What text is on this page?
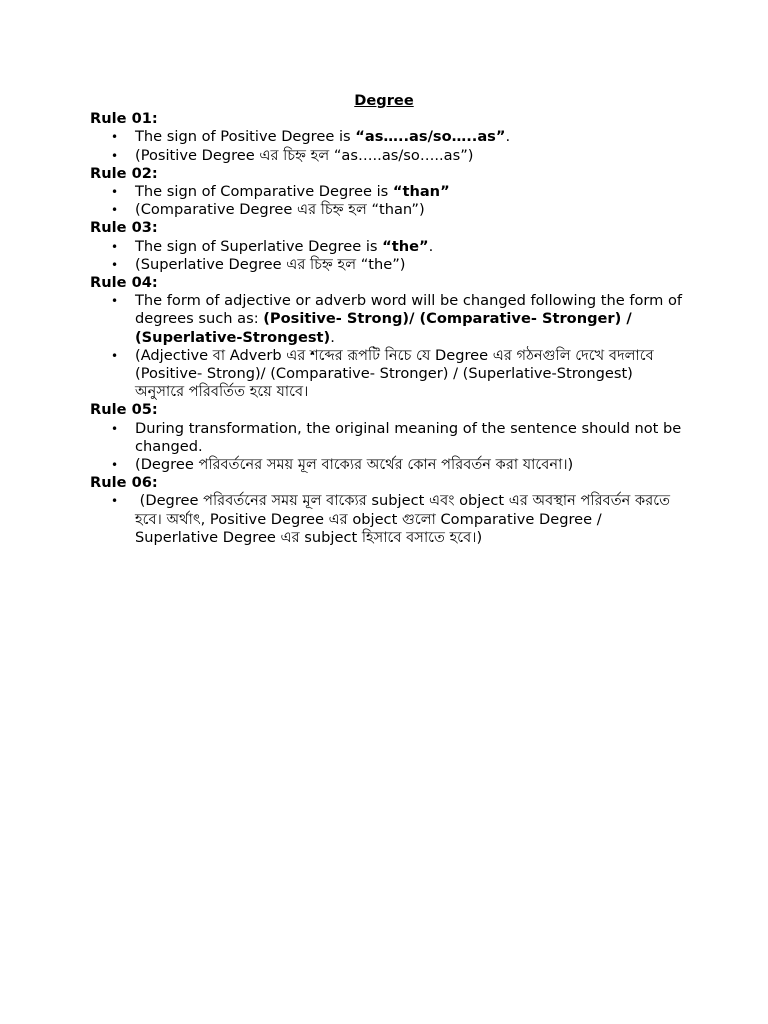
Degree

Rule 01:

• The sign of Positive Degree is “as…..as/so…..as”.
• (Positive Degree এর চিহ্ন হল “as…..as/so…..as”)

Rule 02:

• The sign of Comparative Degree is “than”
• (Comparative Degree এর চিহ্ন হল “than”)

Rule 03:

• The sign of Superlative Degree is “the”.
• (Superlative Degree এর চিহ্ন হল “the”)

Rule 04:

• The form of adjective or adverb word will be changed following the form of degrees such as: (Positive- Strong)/ (Comparative- Stronger) / (Superlative-Strongest).
• (Adjective বা Adverb এর শব্দের রূপটি নিচে যে Degree এর গঠনগুলি দেখে বদলাবে (Positive- Strong)/ (Comparative- Stronger) / (Superlative-Strongest) অনুসারে পরিবর্তিত হয়ে যাবে।

Rule 05:

• During transformation, the original meaning of the sentence should not be changed.
• (Degree পরিবর্তনের সময় মূল বাক্যের অর্থের কোন পরিবর্তন করা যাবেনা।)

Rule 06:

• (Degree পরিবর্তনের সময় মূল বাক্যের subject এবং object এর অবস্থান পরিবর্তন করতে হবে। অর্থাৎ, Positive Degree এর object গুলো Comparative Degree / Superlative Degree এর subject হিসাবে বসাতে হবে।)
